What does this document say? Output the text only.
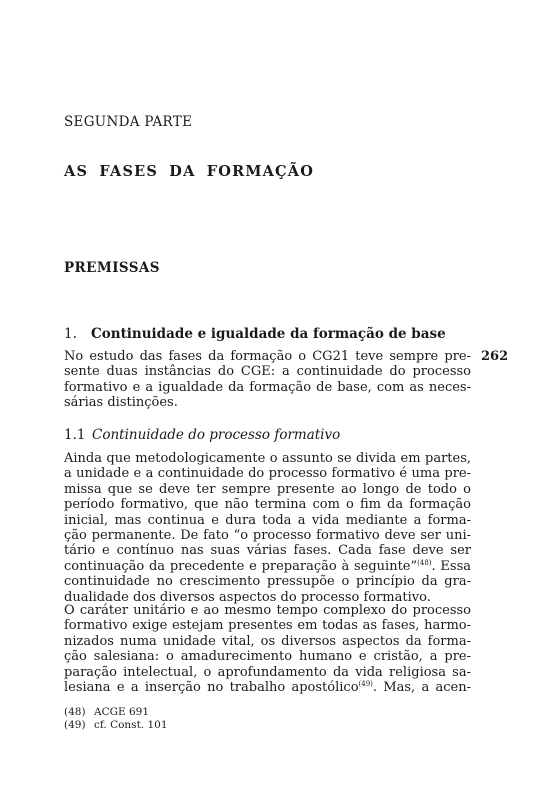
SEGUNDA PARTE
AS FASES DA FORMAÇÃO
PREMISSAS
1. Continuidade e igualdade da formação de base
262
No estudo das fases da formação o CG21 teve sempre pre-
sente duas instâncias do CGE: a continuidade do processo
formativo e a igualdade da formação de base, com as neces-
sárias distinções.
1.1 Continuidade do processo formativo
Ainda que metodologicamente o assunto se divida em partes,
a unidade e a continuidade do processo formativo é uma pre-
missa que se deve ter sempre presente ao longo de todo o
período formativo, que não termina com o fim da formação
inicial, mas continua e dura toda a vida mediante a forma-
ção permanente. De fato “o processo formativo deve ser uni-
tário e contínuo nas suas várias fases. Cada fase deve ser
continuação da precedente e preparação à seguinte”$^{(48)}$. Essa
continuidade no crescimento pressupõe o princípio da gra-
dualidade dos diversos aspectos do processo formativo.
O caráter unitário e ao mesmo tempo complexo do processo
formativo exige estejam presentes em todas as fases, harmo-
nizados numa unidade vital, os diversos aspectos da forma-
ção salesiana: o amadurecimento humano e cristão, a pre-
paração intelectual, o aprofundamento da vida religiosa sa-
lesiana e a inserção no trabalho apostólico$^{(49)}$. Mas, a acen-
(48) ACGE 691
(49) cf. Const. 101
